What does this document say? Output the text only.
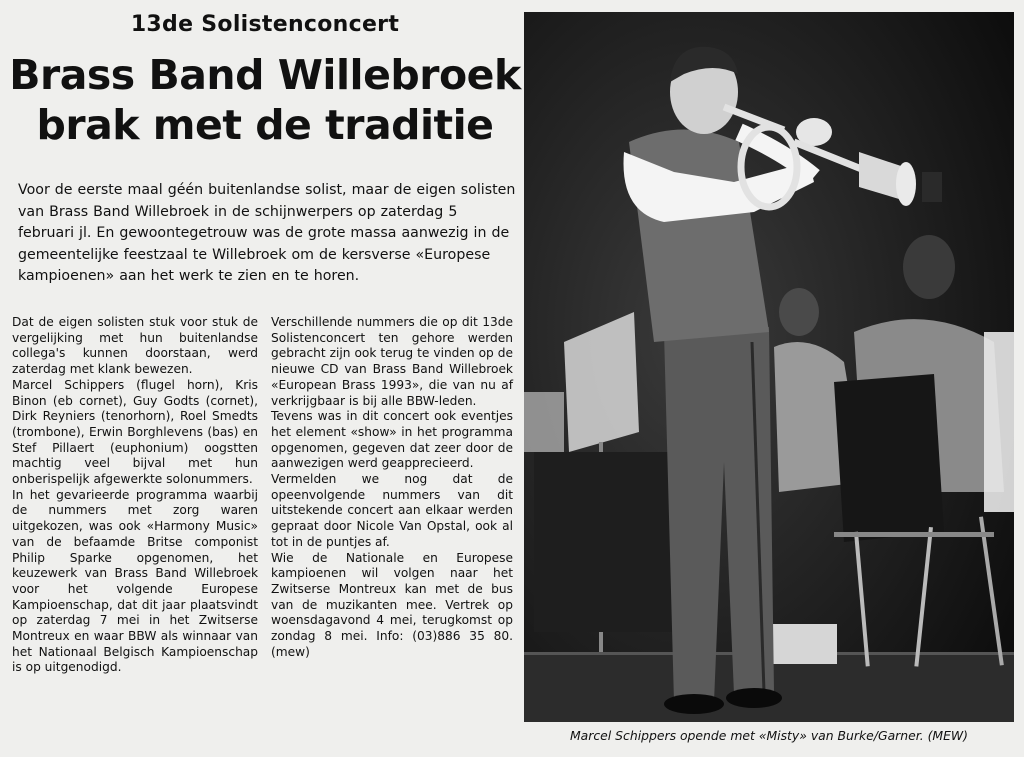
13de Solistenconcert
Brass Band Willebroek
brak met de traditie
Voor de eerste maal géén buitenlandse solist, maar de eigen solisten van Brass Band Willebroek in de schijnwerpers op zaterdag 5 februari jl. En gewoontegetrouw was de grote massa aanwezig in de gemeentelijke feestzaal te Willebroek om de kersverse «Europese kampioenen» aan het werk te zien en te horen.

Dat de eigen solisten stuk voor stuk de vergelijking met hun buitenlandse collega's kunnen doorstaan, werd zaterdag met klank bewezen.

Marcel Schippers (flugel horn), Kris Binon (eb cornet), Guy Godts (cornet), Dirk Reyniers (tenorhorn), Roel Smedts (trombone), Erwin Borghlevens (bas) en Stef Pillaert (euphonium) oogstten machtig veel bijval met hun onberispelijk afgewerkte solonummers.

In het gevarieerde programma waarbij de nummers met zorg waren uitgekozen, was ook «Harmony Music» van de befaamde Britse componist Philip Sparke opgenomen, het keuzewerk van Brass Band Willebroek voor het volgende Europese Kampioenschap, dat dit jaar plaatsvindt op zaterdag 7 mei in het Zwitserse Montreux en waar BBW als winnaar van het Nationaal Belgisch Kampioenschap is op uitgenodigd.

Verschillende nummers die op dit 13de Solistenconcert ten gehore werden gebracht zijn ook terug te vinden op de nieuwe CD van Brass Band Willebroek «European Brass 1993», die van nu af verkrijgbaar is bij alle BBW-leden.

Tevens was in dit concert ook eventjes het element «show» in het programma opgenomen, gegeven dat zeer door de aanwezigen werd geapprecieerd.

Vermelden we nog dat de opeenvolgende nummers van dit uitstekende concert aan elkaar werden gepraat door Nicole Van Opstal, ook al tot in de puntjes af.

Wie de Nationale en Europese kampioenen wil volgen naar het Zwitserse Montreux kan met de bus van de muzikanten mee. Vertrek op woensdagavond 4 mei, terugkomst op zondag 8 mei. Info: (03)886 35 80. (mew)

Marcel Schippers opende met «Misty» van Burke/Garner. (MEW)
